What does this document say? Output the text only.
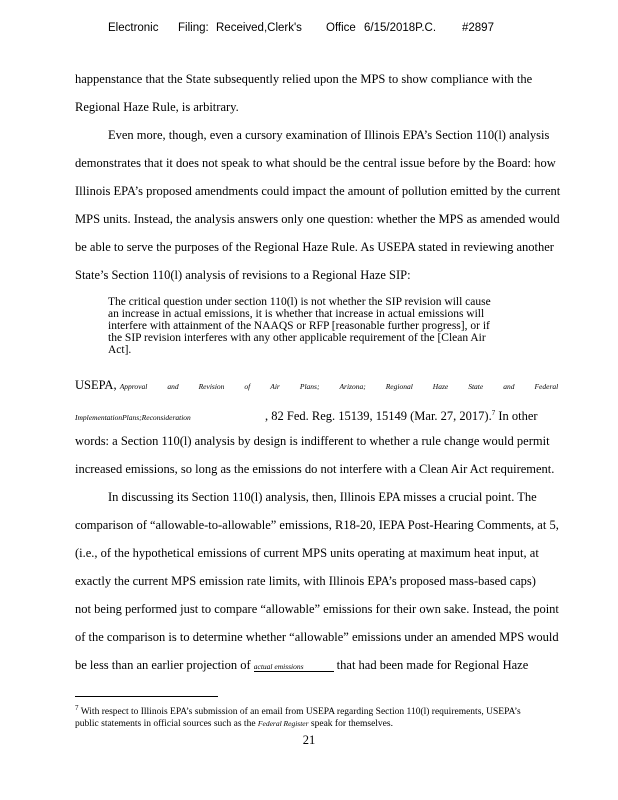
Electronic Filing: Received,Clerk's Office 6/15/2018P.C. #2897
happenstance that the State subsequently relied upon the MPS to show compliance with the
Regional Haze Rule, is arbitrary.
Even more, though, even a cursory examination of Illinois EPA’s Section 110(l) analysis
demonstrates that it does not speak to what should be the central issue before by the Board: how
Illinois EPA’s proposed amendments could impact the amount of pollution emitted by the current
MPS units. Instead, the analysis answers only one question: whether the MPS as amended would
be able to serve the purposes of the Regional Haze Rule. As USEPA stated in reviewing another
State’s Section 110(l) analysis of revisions to a Regional Haze SIP:
The critical question under section 110(l) is not whether the SIP revision will cause
an increase in actual emissions, it is whether that increase in actual emissions will
interfere with attainment of the NAAQS or RFP [reasonable further progress], or if
the SIP revision interferes with any other applicable requirement of the [Clean Air
Act].
USEPA, Approval	and	Revision	of	Air	Plans;	Arizona;	Regional	Haze	State	and	Federal
ImplementationPlans;Reconsideration	, 82 Fed. Reg. 15139, 15149 (Mar. 27, 2017).$^7$ In other
words: a Section 110(l) analysis by design is indifferent to whether a rule change would permit
increased emissions, so long as the emissions do not interfere with a Clean Air Act requirement.
In discussing its Section 110(l) analysis, then, Illinois EPA misses a crucial point. The
comparison of “allowable-to-allowable” emissions, R18-20, IEPA Post-Hearing Comments, at 5,
(i.e., of the hypothetical emissions of current MPS units operating at maximum heat input, at
exactly the current MPS emission rate limits, with Illinois EPA’s proposed mass-based caps)
not being performed just to compare “allowable” emissions for their own sake. Instead, the point
of the comparison is to determine whether “allowable” emissions under an amended MPS would
be less than an earlier projection of actual emissions	that had been made for Regional Haze
$^7$ With respect to Illinois EPA’s submission of an email from USEPA regarding Section 110(l) requirements, USEPA’s
public statements in official sources such as the Federal Register speak for themselves.
21
